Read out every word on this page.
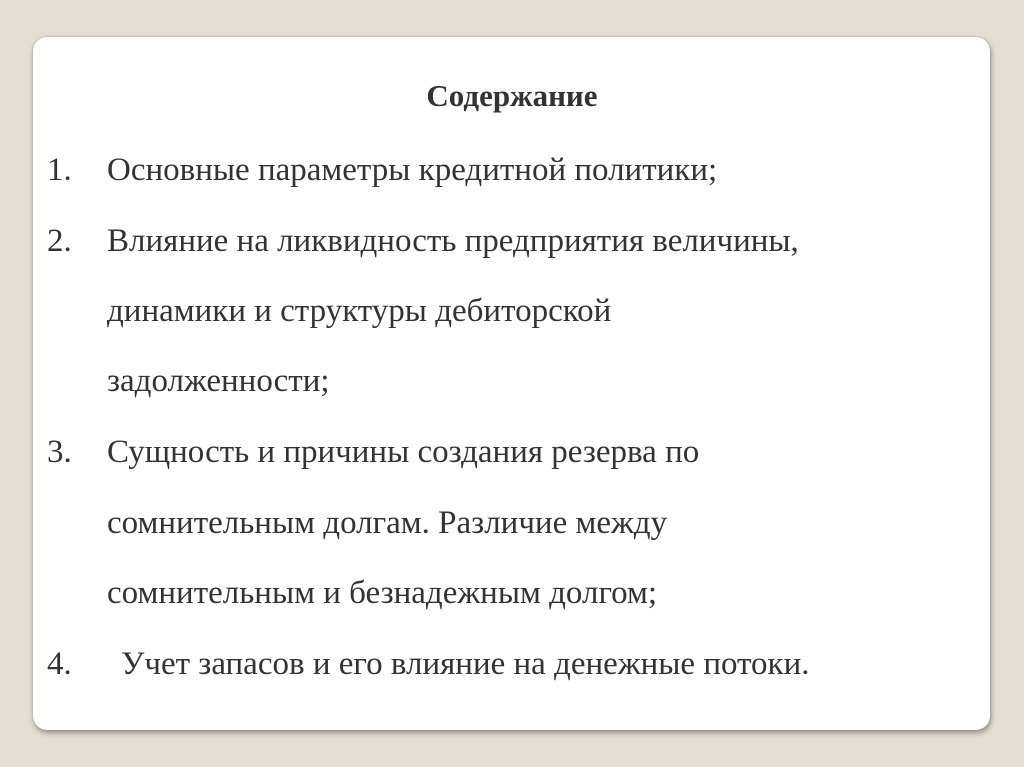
Содержание
1. Основные параметры кредитной политики;
2. Влияние на ликвидность предприятия величины,
динамики и структуры дебиторской
задолженности;
3. Сущность и причины создания резерва по
сомнительным долгам. Различие между
сомнительным и безнадежным долгом;
4. Учет запасов и его влияние на денежные потоки.
